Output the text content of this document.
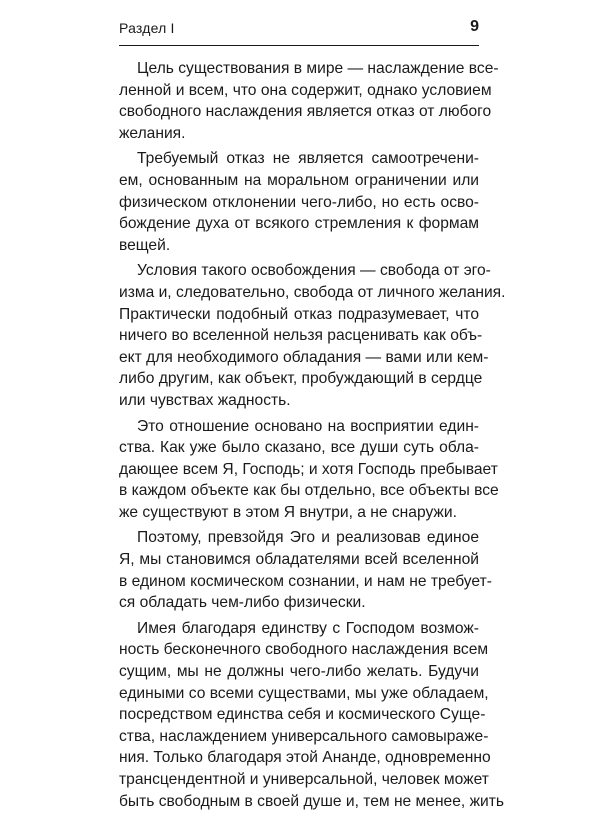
Раздел I	9
Цель существования в мире — наслаждение все-
ленной и всем, что она содержит, однако условием
свободного наслаждения является отказ от любого
желания.
Требуемый отказ не является самоотречени-
ем, основанным на моральном ограничении или
физическом отклонении чего-либо, но есть осво-
бождение духа от всякого стремления к формам
вещей.
Условия такого освобождения — свобода от эго-
изма и, следовательно, свобода от личного желания.
Практически подобный отказ подразумевает, что
ничего во вселенной нельзя расценивать как объ-
ект для необходимого обладания — вами или кем-
либо другим, как объект, пробуждающий в сердце
или чувствах жадность.
Это отношение основано на восприятии един-
ства. Как уже было сказано, все души суть обла-
дающее всем Я, Господь; и хотя Господь пребывает
в каждом объекте как бы отдельно, все объекты все
же существуют в этом Я внутри, а не снаружи.
Поэтому, превзойдя Эго и реализовав единое
Я, мы становимся обладателями всей вселенной
в едином космическом сознании, и нам не требует-
ся обладать чем-либо физически.
Имея благодаря единству с Господом возмож-
ность бесконечного свободного наслаждения всем
сущим, мы не должны чего-либо желать. Будучи
едиными со всеми существами, мы уже обладаем,
посредством единства себя и космического Суще-
ства, наслаждением универсального самовыраже-
ния. Только благодаря этой Ананде, одновременно
трансцендентной и универсальной, человек может
быть свободным в своей душе и, тем не менее, жить
